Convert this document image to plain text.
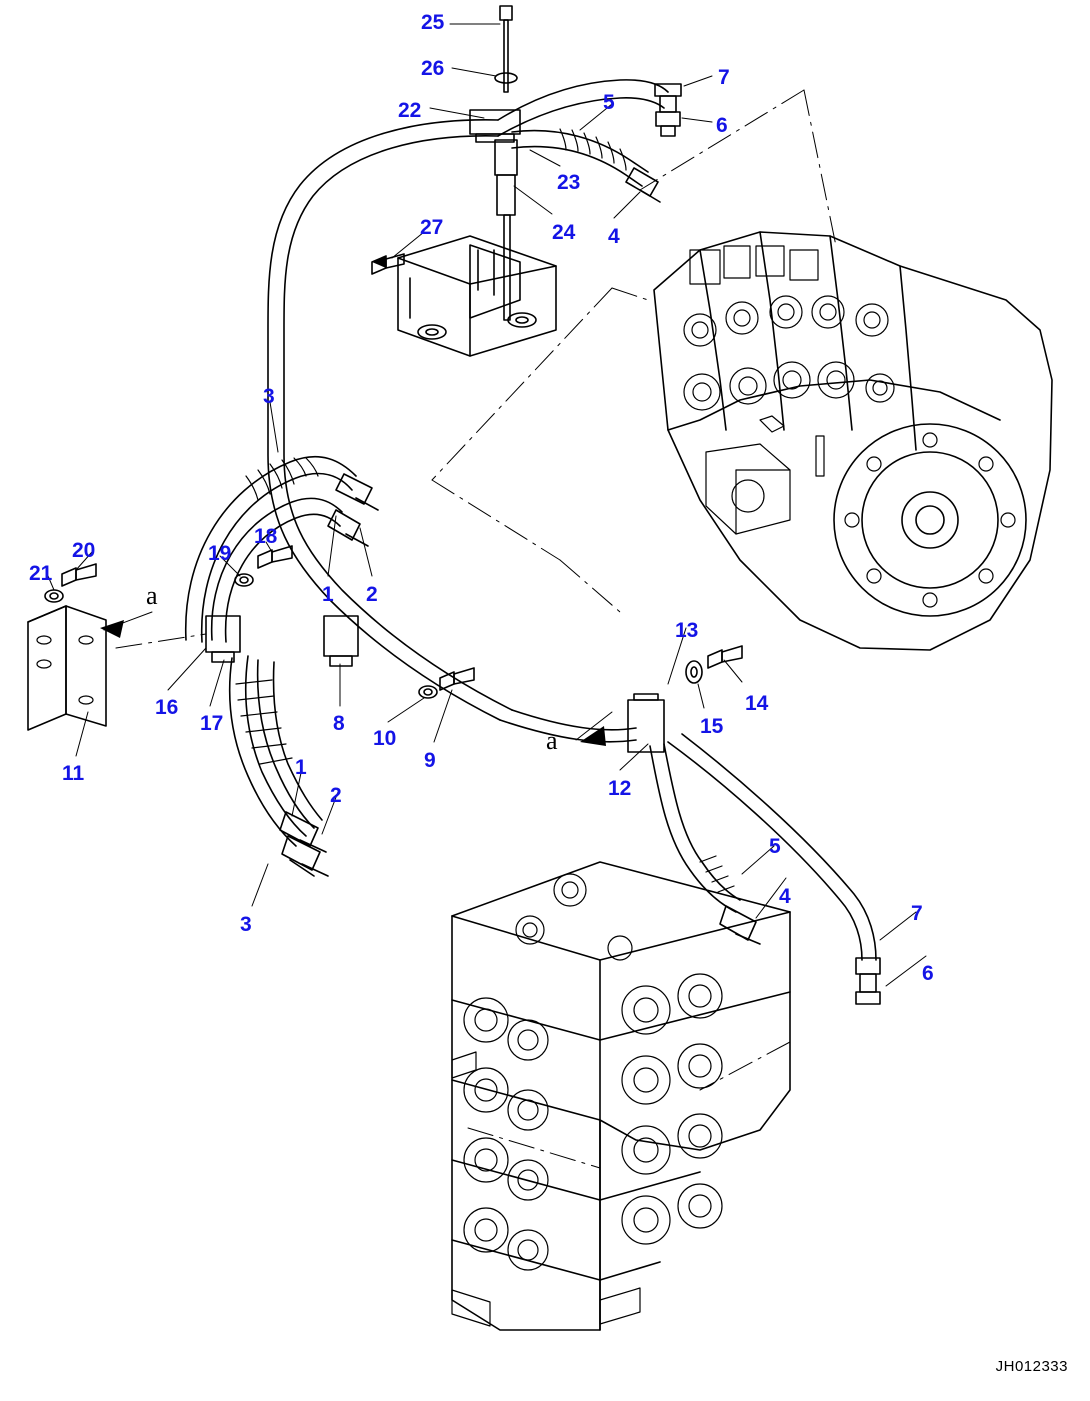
25
26
22
7
5
6
23
24 4
27
3
20
21
19
18
1 2
16
17	8
10
9
11
13
14
15
12
1
2
3
5
4
7
6
a
a
JH012333
